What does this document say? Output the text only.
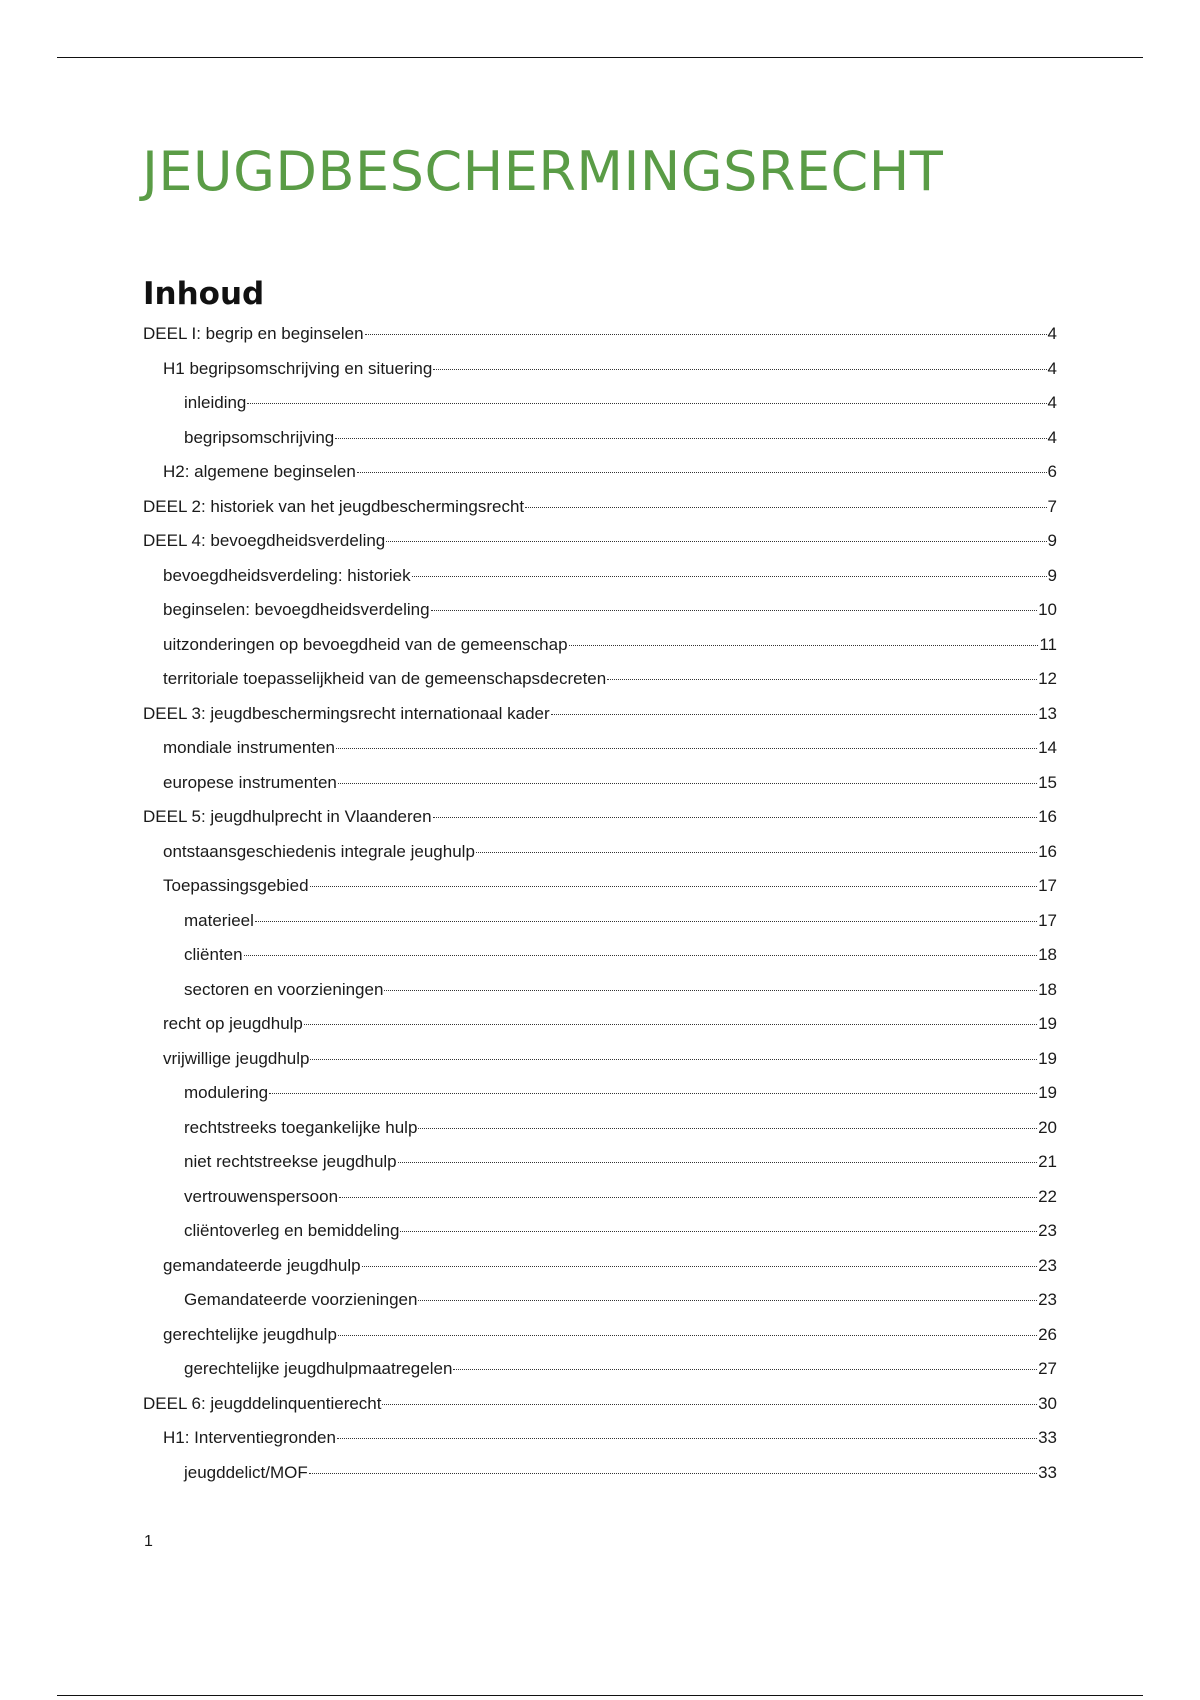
JEUGDBESCHERMINGSRECHT
Inhoud
DEEL I: begrip en beginselen	4
H1 begripsomschrijving en situering	4
inleiding	4
begripsomschrijving	4
H2: algemene beginselen	6
DEEL 2: historiek van het jeugdbeschermingsrecht	7
DEEL 4: bevoegdheidsverdeling	9
bevoegdheidsverdeling: historiek	9
beginselen: bevoegdheidsverdeling	10
uitzonderingen op bevoegdheid van de gemeenschap	11
territoriale toepasselijkheid van de gemeenschapsdecreten	12
DEEL 3: jeugdbeschermingsrecht internationaal kader	13
mondiale instrumenten	14
europese instrumenten	15
DEEL 5: jeugdhulprecht in Vlaanderen	16
ontstaansgeschiedenis integrale jeughulp	16
Toepassingsgebied	17
materieel	17
cliënten	18
sectoren en voorzieningen	18
recht op jeugdhulp	19
vrijwillige jeugdhulp	19
modulering	19
rechtstreeks toegankelijke hulp	20
niet rechtstreekse jeugdhulp	21
vertrouwenspersoon	22
cliëntoverleg en bemiddeling	23
gemandateerde jeugdhulp	23
Gemandateerde voorzieningen	23
gerechtelijke jeugdhulp	26
gerechtelijke jeugdhulpmaatregelen	27
DEEL 6: jeugddelinquentierecht	30
H1: Interventiegronden	33
jeugddelict/MOF	33
1
